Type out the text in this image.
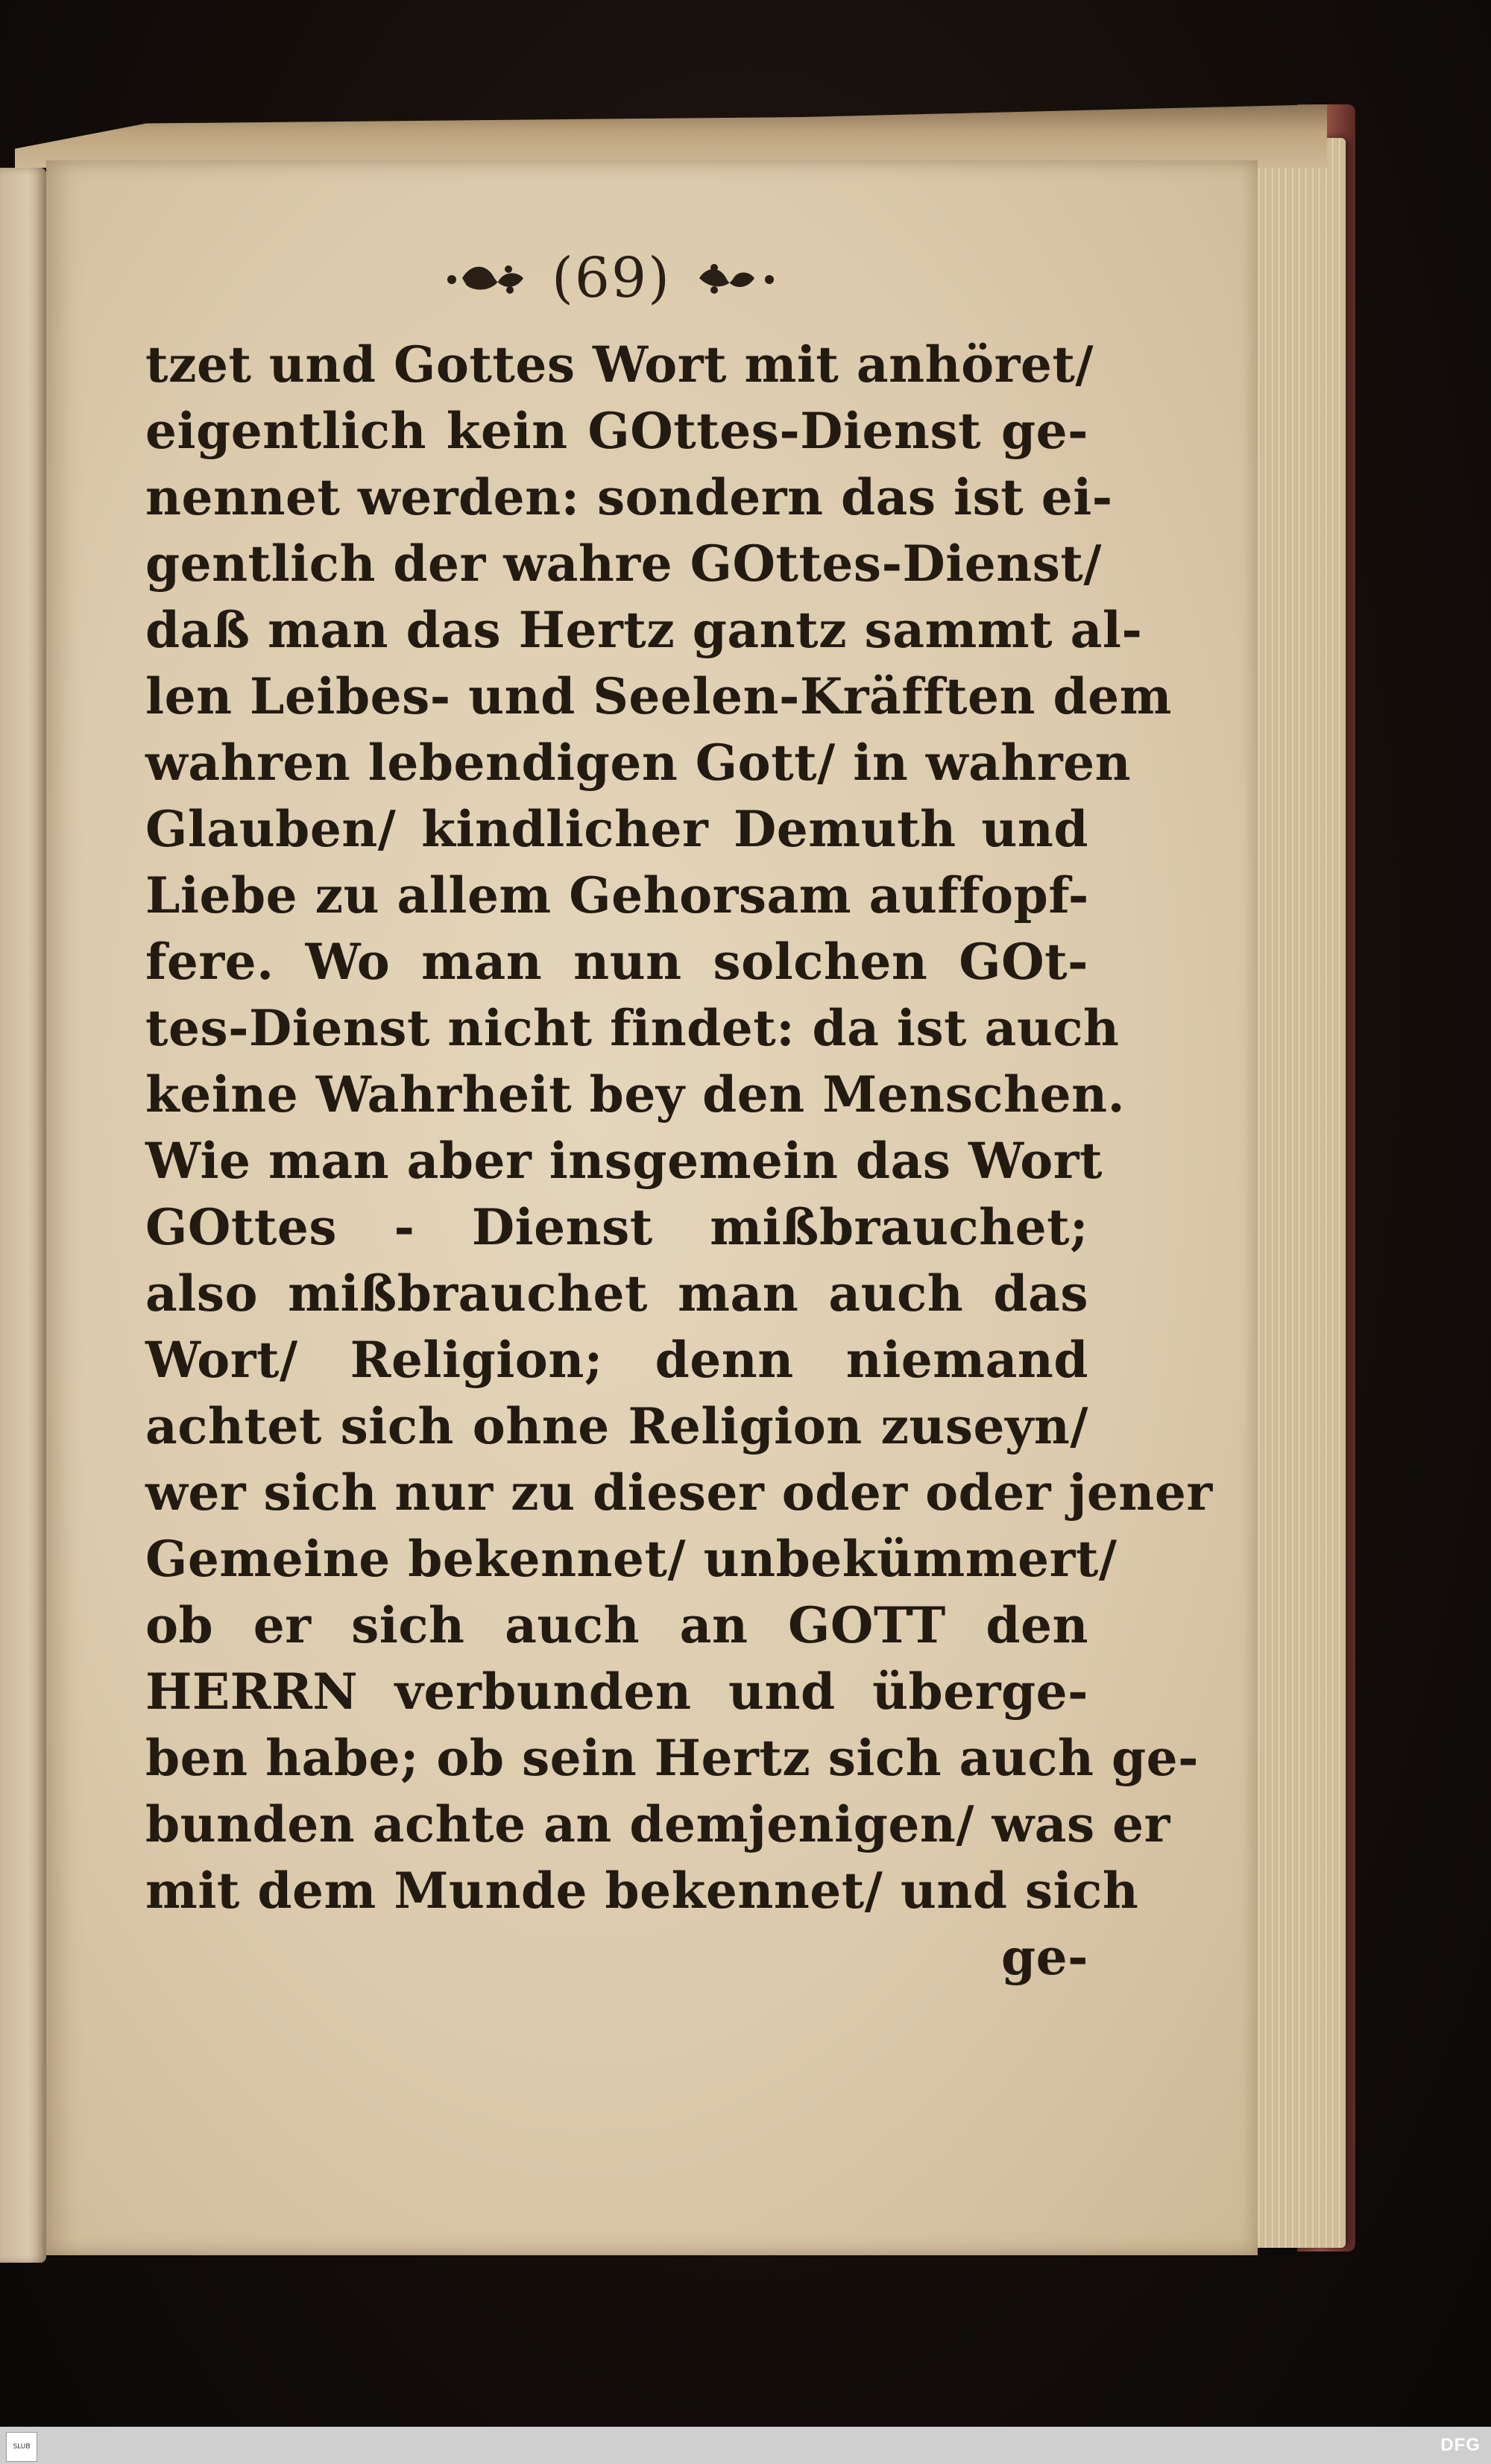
(69)
tzet und Gottes Wort mit anhöret/
eigentlich kein GOttes-Dienst ge-
nennet werden: sondern das ist ei-
gentlich der wahre GOttes-Dienst/
daß man das Hertz gantz sammt al-
len Leibes- und Seelen-Kräfften dem
wahren lebendigen Gott/ in wahren
Glauben/ kindlicher Demuth und
Liebe zu allem Gehorsam auffopf-
fere. Wo man nun solchen GOt-
tes-Dienst nicht findet: da ist auch
keine Wahrheit bey den Menschen.
Wie man aber insgemein das Wort
GOttes - Dienst mißbrauchet;
also mißbrauchet man auch das
Wort/ Religion; denn niemand
achtet sich ohne Religion zuseyn/
wer sich nur zu dieser oder oder jener
Gemeine bekennet/ unbekümmert/
ob er sich auch an GOTT den
HERRN verbunden und überge-
ben habe; ob sein Hertz sich auch ge-
bunden achte an demjenigen/ was er
mit dem Munde bekennet/ und sich
ge-
SLUB	DFG
